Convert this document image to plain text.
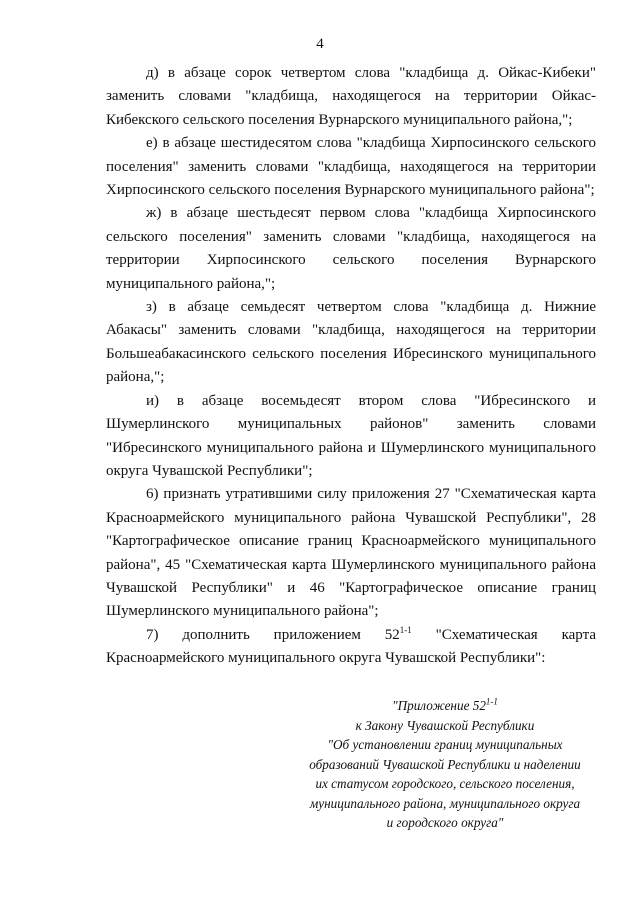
4

д) в абзаце сорок четвертом слова "кладбища д. Ойкас-Кибеки" заменить словами "кладбища, находящегося на территории Ойкас-Кибекского сельского поселения Вурнарского муниципального района,";

е) в абзаце шестидесятом слова "кладбища Хирпосинского сельского поселения" заменить словами "кладбища, находящегося на территории Хирпосинского сельского поселения Вурнарского муниципального района";

ж) в абзаце шестьдесят первом слова "кладбища Хирпосинского сельского поселения" заменить словами "кладбища, находящегося на территории Хирпосинского сельского поселения Вурнарского муниципального района,";

з) в абзаце семьдесят четвертом слова "кладбища д. Нижние Абакасы" заменить словами "кладбища, находящегося на территории Большеабакасинского сельского поселения Ибресинского муниципального района,";

и) в абзаце восемьдесят втором слова "Ибресинского и Шумерлинского муниципальных районов" заменить словами "Ибресинского муниципального района и Шумерлинского муниципального округа Чувашской Республики";

6) признать утратившими силу приложения 27 "Схематическая карта Красноармейского муниципального района Чувашской Республики", 28 "Картографическое описание границ Красноармейского муниципального района", 45 "Схематическая карта Шумерлинского муниципального района Чувашской Республики" и 46 "Картографическое описание границ Шумерлинского муниципального района";

7) дополнить приложением 52$^{1-1}$ "Схематическая карта Красноармейского муниципального округа Чувашской Республики":

"Приложение 52$^{1-1}$
к Закону Чувашской Республики
"Об установлении границ муниципальных
образований Чувашской Республики и наделении
их статусом городского, сельского поселения,
муниципального района, муниципального округа
и городского округа"
